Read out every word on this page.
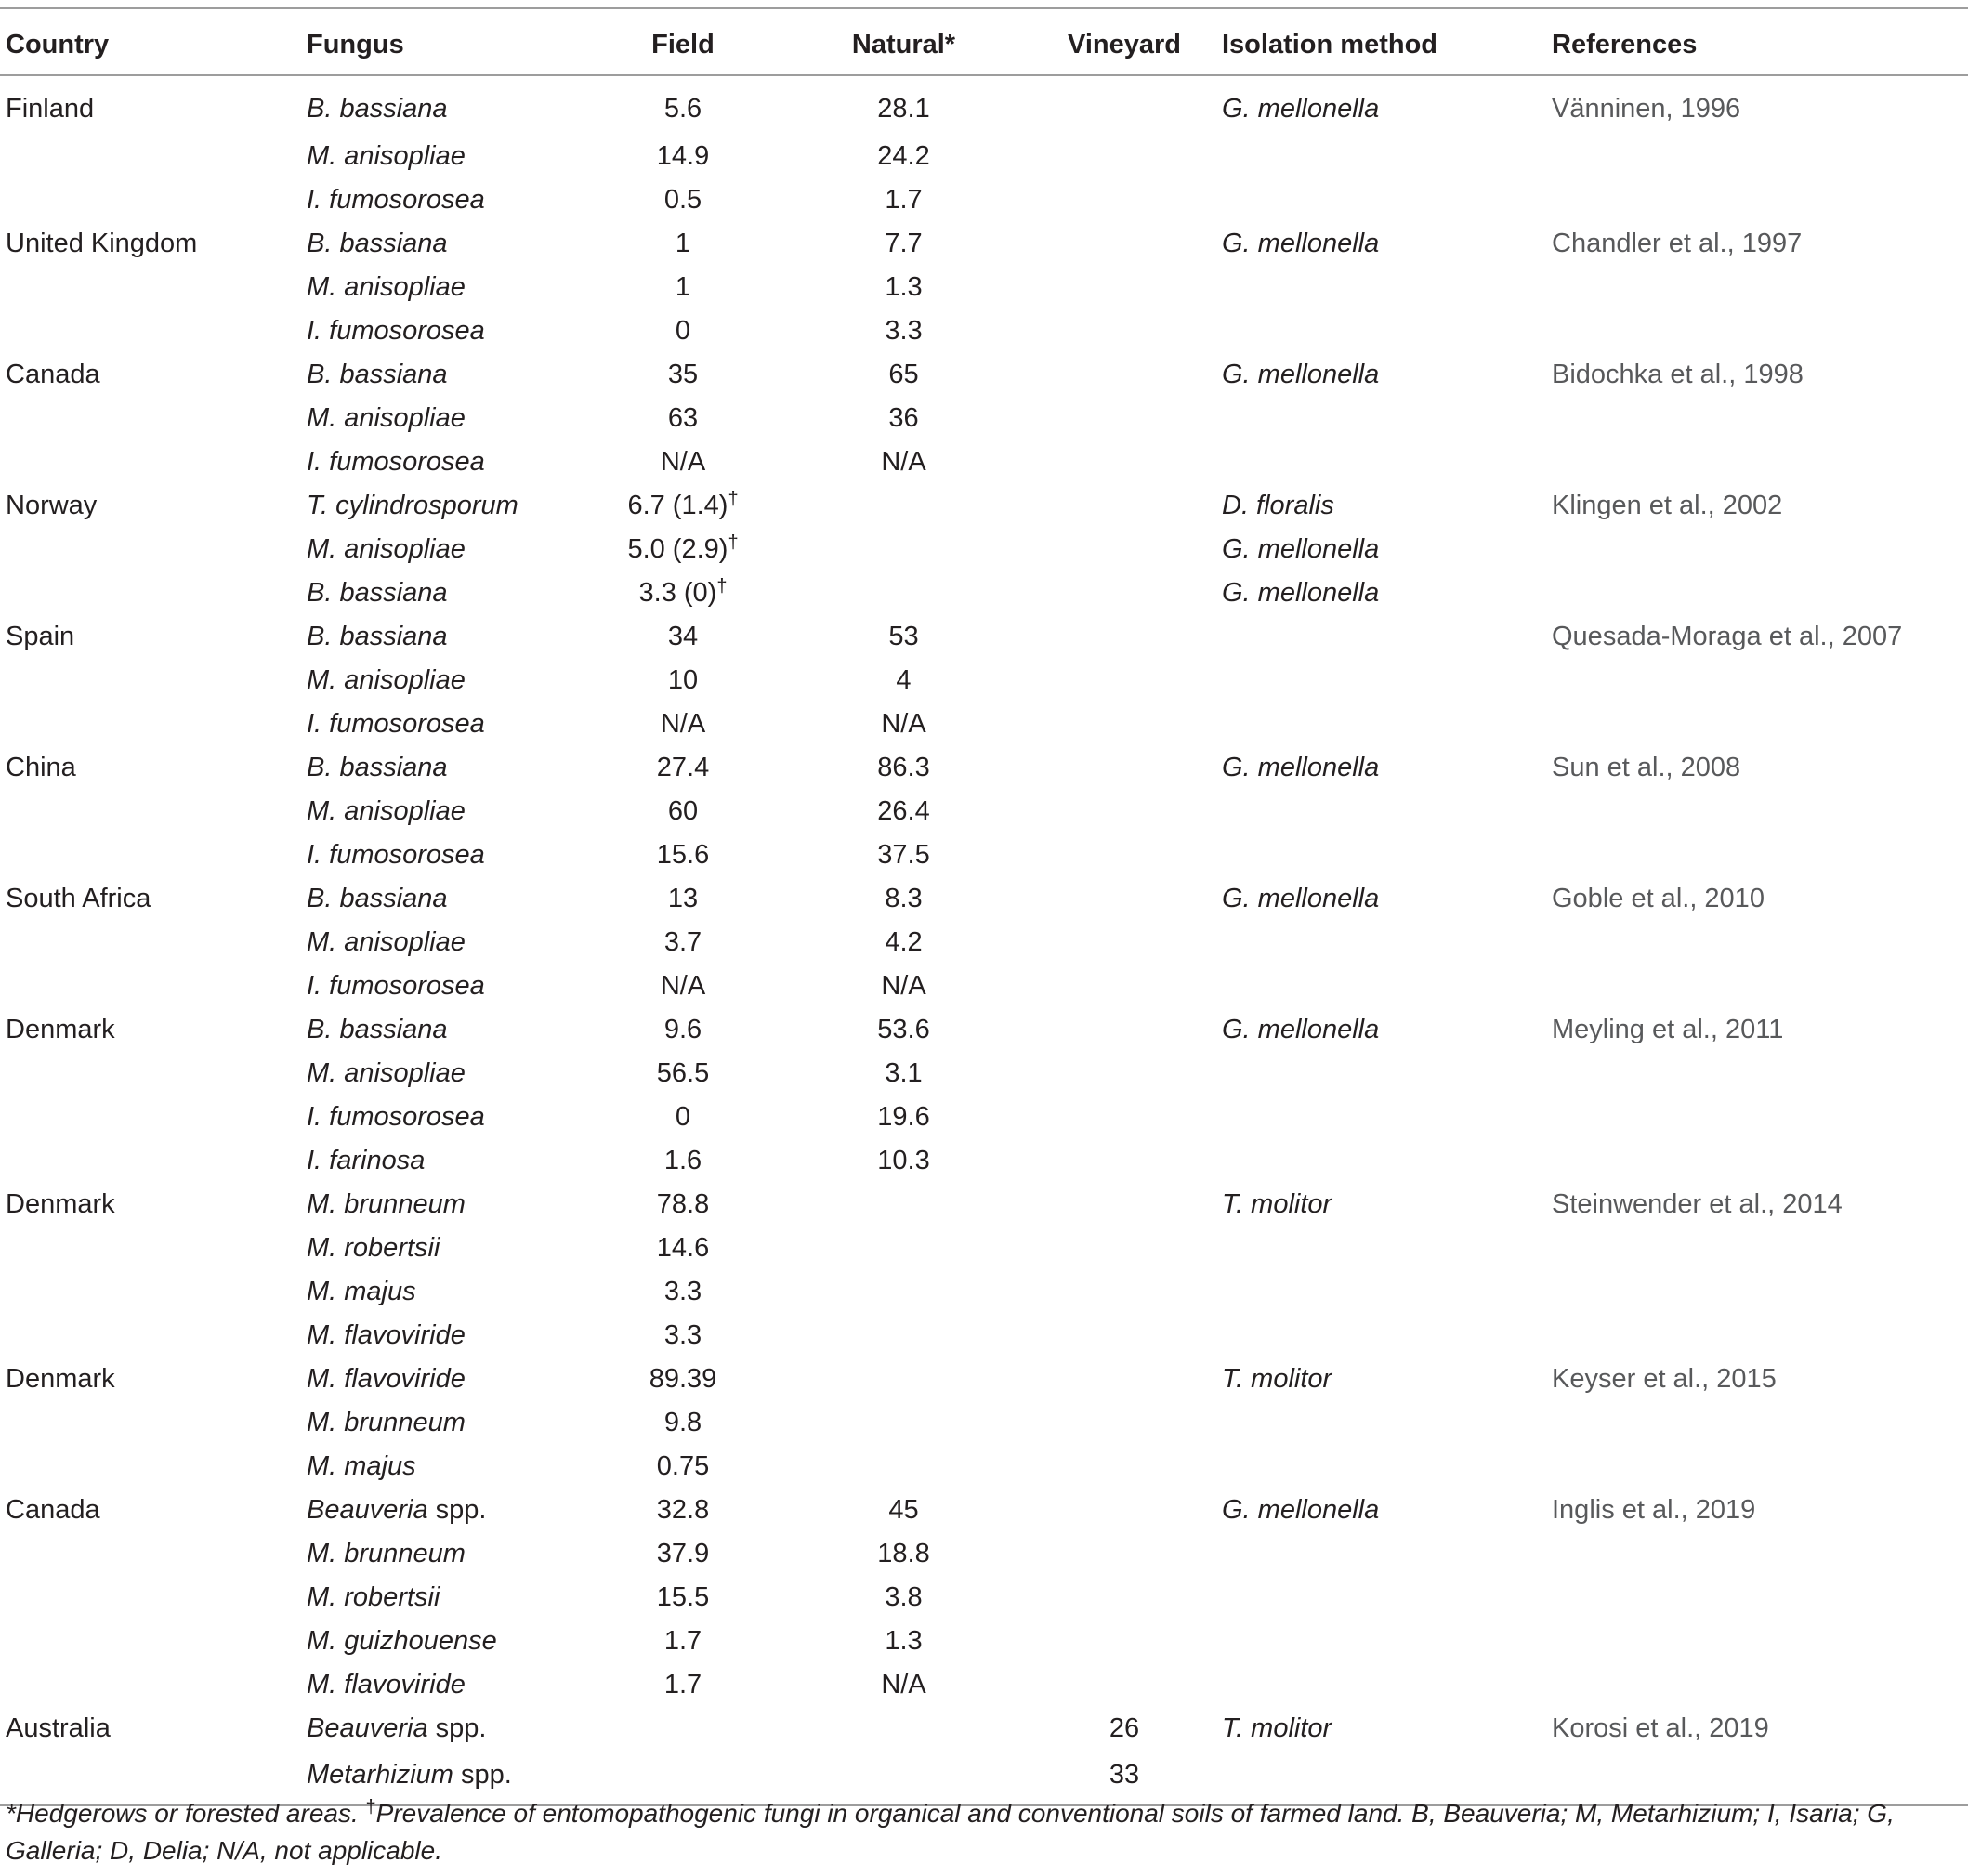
Country	Fungus	Field	Natural*	Vineyard	Isolation method	References
Finland	B. bassiana	5.6	28.1		G. mellonella	Vänninen, 1996
	M. anisopliae	14.9	24.2			
	I. fumosorosea	0.5	1.7			
United Kingdom	B. bassiana	1	7.7		G. mellonella	Chandler et al., 1997
	M. anisopliae	1	1.3			
	I. fumosorosea	0	3.3			
Canada	B. bassiana	35	65		G. mellonella	Bidochka et al., 1998
	M. anisopliae	63	36			
	I. fumosorosea	N/A	N/A			
Norway	T. cylindrosporum	6.7 (1.4)†			D. floralis	Klingen et al., 2002
	M. anisopliae	5.0 (2.9)†			G. mellonella	
	B. bassiana	3.3 (0)†			G. mellonella	
Spain	B. bassiana	34	53			Quesada-Moraga et al., 2007
	M. anisopliae	10	4			
	I. fumosorosea	N/A	N/A			
China	B. bassiana	27.4	86.3		G. mellonella	Sun et al., 2008
	M. anisopliae	60	26.4			
	I. fumosorosea	15.6	37.5			
South Africa	B. bassiana	13	8.3		G. mellonella	Goble et al., 2010
	M. anisopliae	3.7	4.2			
	I. fumosorosea	N/A	N/A			
Denmark	B. bassiana	9.6	53.6		G. mellonella	Meyling et al., 2011
	M. anisopliae	56.5	3.1			
	I. fumosorosea	0	19.6			
	I. farinosa	1.6	10.3			
Denmark	M. brunneum	78.8			T. molitor	Steinwender et al., 2014
	M. robertsii	14.6				
	M. majus	3.3				
	M. flavoviride	3.3				
Denmark	M. flavoviride	89.39			T. molitor	Keyser et al., 2015
	M. brunneum	9.8				
	M. majus	0.75				
Canada	Beauveria spp.	32.8	45		G. mellonella	Inglis et al., 2019
	M. brunneum	37.9	18.8			
	M. robertsii	15.5	3.8			
	M. guizhouense	1.7	1.3			
	M. flavoviride	1.7	N/A			
Australia	Beauveria spp.			26	T. molitor	Korosi et al., 2019
	Metarhizium spp.			33		
*Hedgerows or forested areas. †Prevalence of entomopathogenic fungi in organical and conventional soils of farmed land. B, Beauveria; M, Metarhizium; I, Isaria; G, Galleria; D, Delia; N/A, not applicable.
